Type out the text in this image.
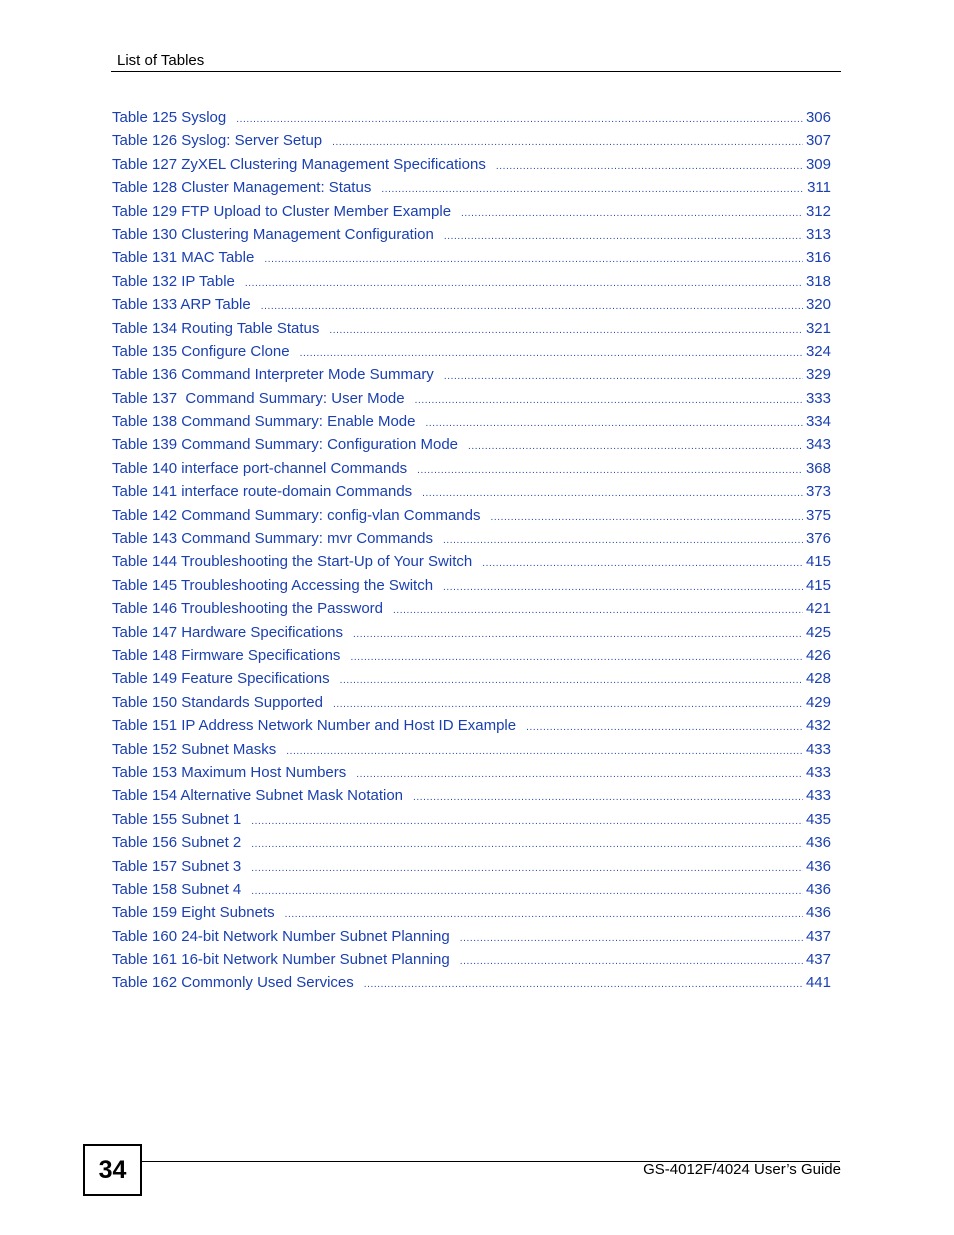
List of Tables
Table 125 Syslog .....	306
Table 126 Syslog: Server Setup .....	307
Table 127 ZyXEL Clustering Management Specifications .....	309
Table 128 Cluster Management: Status .....	311
Table 129 FTP Upload to Cluster Member Example .....	312
Table 130 Clustering Management Configuration .....	313
Table 131 MAC Table .....	316
Table 132 IP Table .....	318
Table 133 ARP Table .....	320
Table 134 Routing Table Status .....	321
Table 135 Configure Clone .....	324
Table 136 Command Interpreter Mode Summary .....	329
Table 137  Command Summary: User Mode .....	333
Table 138 Command Summary: Enable Mode .....	334
Table 139 Command Summary: Configuration Mode .....	343
Table 140 interface port-channel Commands .....	368
Table 141 interface route-domain Commands .....	373
Table 142 Command Summary: config-vlan Commands .....	375
Table 143 Command Summary: mvr Commands .....	376
Table 144 Troubleshooting the Start-Up of Your Switch .....	415
Table 145 Troubleshooting Accessing the Switch .....	415
Table 146 Troubleshooting the Password .....	421
Table 147 Hardware Specifications .....	425
Table 148 Firmware Specifications .....	426
Table 149 Feature Specifications .....	428
Table 150 Standards Supported .....	429
Table 151 IP Address Network Number and Host ID Example .....	432
Table 152 Subnet Masks .....	433
Table 153 Maximum Host Numbers .....	433
Table 154 Alternative Subnet Mask Notation .....	433
Table 155 Subnet 1 .....	435
Table 156 Subnet 2 .....	436
Table 157 Subnet 3 .....	436
Table 158 Subnet 4 .....	436
Table 159 Eight Subnets .....	436
Table 160 24-bit Network Number Subnet Planning .....	437
Table 161 16-bit Network Number Subnet Planning .....	437
Table 162 Commonly Used Services .....	441
34	GS-4012F/4024 User’s Guide
